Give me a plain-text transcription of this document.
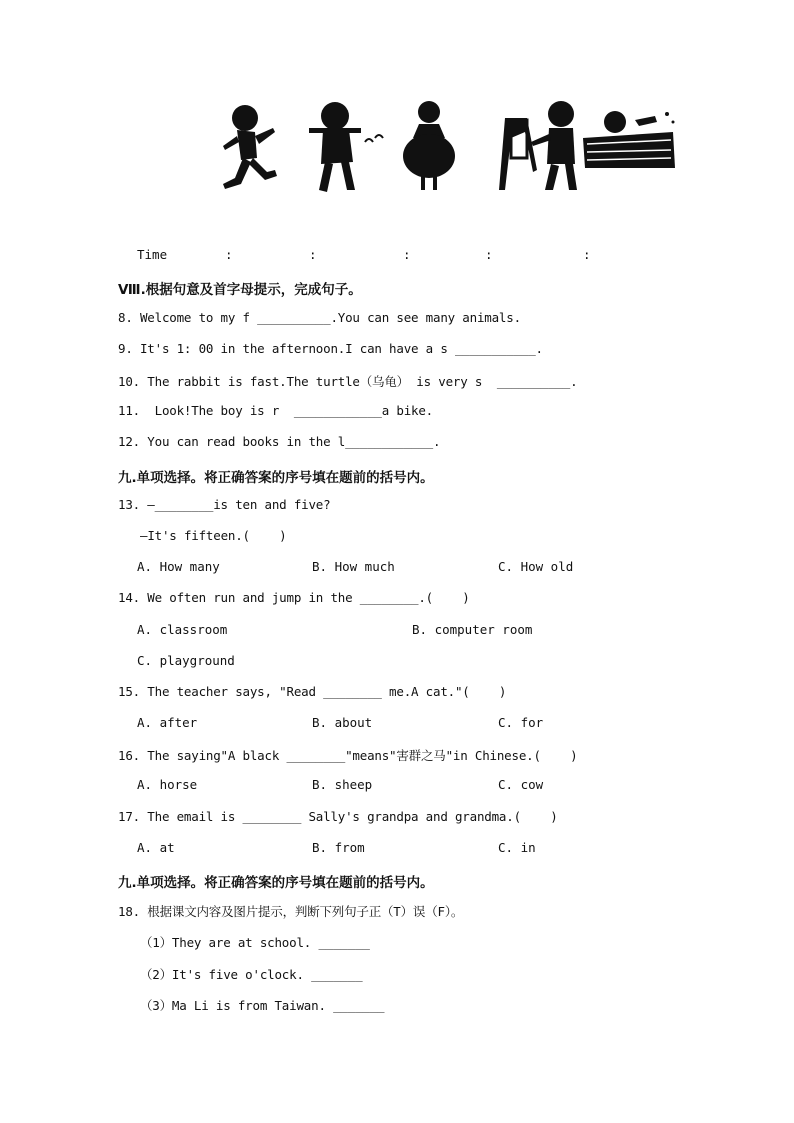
Time	:	:	:	:	:
Ⅷ.根据句意及首字母提示，完成句子。
8. Welcome to my f __________.You can see many animals.
9. It's 1: 00 in the afternoon.I can have a s ___________.
10. The rabbit is fast.The turtle（乌龟） is very s  __________.
11.  Look!The boy is r  ____________a bike.
12. You can read books in the l____________.
九.单项选择。将正确答案的序号填在题前的括号内。
13. –________is ten and five?
–It's fifteen.(    )
A. How many	B. How much	C. How old
14. We often run and jump in the ________.(    )
A. classroom	B. computer room
C. playground
15. The teacher says, "Read ________ me.A cat."(    )
A. after	B. about	C. for
16. The saying"A black ________"means"害群之马"in Chinese.(    )
A. horse	B. sheep	C. cow
17. The email is ________ Sally's grandpa and grandma.(    )
A. at	B. from	C. in
九.单项选择。将正确答案的序号填在题前的括号内。
18. 根据课文内容及图片提示，判断下列句子正（T）误（F）。
（1）They are at school. _______
（2）It's five o'clock. _______
（3）Ma Li is from Taiwan. _______
